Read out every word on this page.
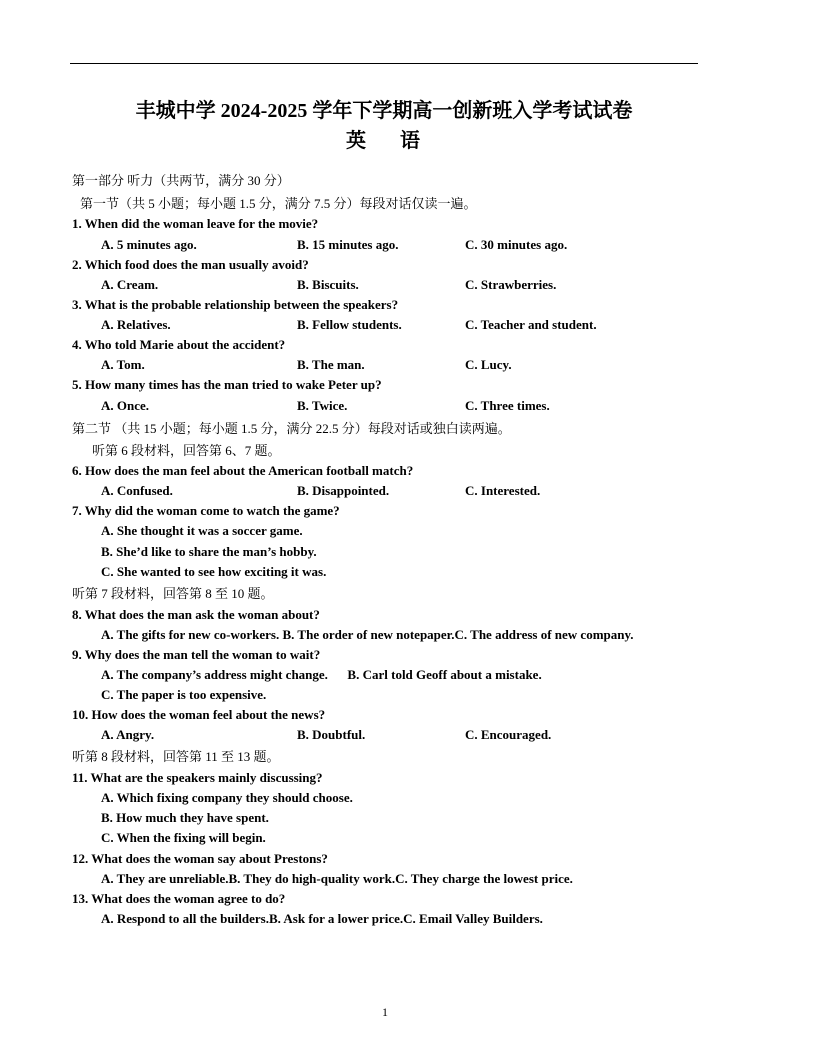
丰城中学 2024-2025 学年下学期高一创新班入学考试试卷
英 语
第一部分 听力（共两节，满分 30 分）
第一节（共 5 小题；每小题 1.5 分，满分 7.5 分）每段对话仅读一遍。
1. When did the woman leave for the movie?
A. 5 minutes ago.	B. 15 minutes ago.	C. 30 minutes ago.
2. Which food does the man usually avoid?
A. Cream.	B. Biscuits.	C. Strawberries.
3. What is the probable relationship between the speakers?
A. Relatives.	B. Fellow students.	C. Teacher and student.
4. Who told Marie about the accident?
A. Tom.	B. The man.	C. Lucy.
5. How many times has the man tried to wake Peter up?
A. Once.	B. Twice.	C. Three times.
第二节 （共 15 小题；每小题 1.5 分，满分 22.5 分）每段对话或独白读两遍。
听第 6 段材料，回答第 6、7 题。
6. How does the man feel about the American football match?
A. Confused.	B. Disappointed.	C. Interested.
7. Why did the woman come to watch the game?
A. She thought it was a soccer game.
B. She’d like to share the man’s hobby.
C. She wanted to see how exciting it was.
听第 7 段材料，回答第 8 至 10 题。
8. What does the man ask the woman about?
A. The gifts for new co-workers. B. The order of new notepaper.C. The address of new company.
9. Why does the man tell the woman to wait?
A. The company’s address might change.      B. Carl told Geoff about a mistake.
C. The paper is too expensive.
10. How does the woman feel about the news?
A. Angry.	B. Doubtful.	C. Encouraged.
听第 8 段材料，回答第 11 至 13 题。
11. What are the speakers mainly discussing?
A. Which fixing company they should choose.
B. How much they have spent.
C. When the fixing will begin.
12. What does the woman say about Prestons?
A. They are unreliable.B. They do high-quality work.C. They charge the lowest price.
13. What does the woman agree to do?
A. Respond to all the builders.B. Ask for a lower price.C. Email Valley Builders.
1
